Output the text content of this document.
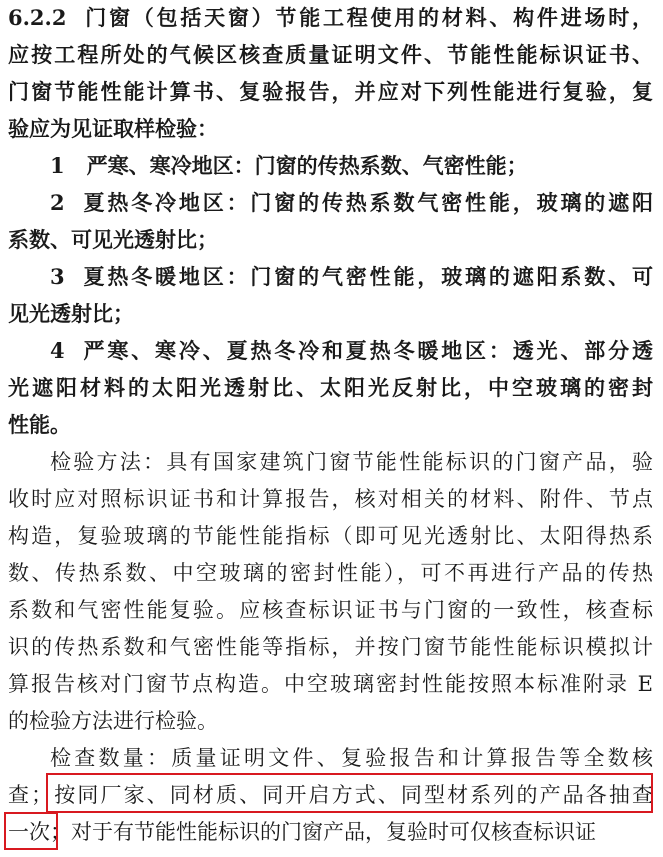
6.2.2 门窗（包括天窗）节能工程使用的材料、构件进场时，
应按工程所处的气候区核查质量证明文件、节能性能标识证书、
门窗节能性能计算书、复验报告，并应对下列性能进行复验，复
验应为见证取样检验：
1 严寒、寒冷地区：门窗的传热系数、气密性能；
2 夏热冬冷地区：门窗的传热系数气密性能，玻璃的遮阳
系数、可见光透射比；
3 夏热冬暖地区：门窗的气密性能，玻璃的遮阳系数、可
见光透射比；
4 严寒、寒冷、夏热冬冷和夏热冬暖地区：透光、部分透
光遮阳材料的太阳光透射比、太阳光反射比，中空玻璃的密封
性能。
检验方法：具有国家建筑门窗节能性能标识的门窗产品，验
收时应对照标识证书和计算报告，核对相关的材料、附件、节点
构造，复验玻璃的节能性能指标（即可见光透射比、太阳得热系
数、传热系数、中空玻璃的密封性能），可不再进行产品的传热
系数和气密性能复验。应核查标识证书与门窗的一致性，核查标
识的传热系数和气密性能等指标，并按门窗节能性能标识模拟计
算报告核对门窗节点构造。中空玻璃密封性能按照本标准附录 E
的检验方法进行检验。
检查数量：质量证明文件、复验报告和计算报告等全数核
查；按同厂家、同材质、同开启方式、同型材系列的产品各抽查
一次；对于有节能性能标识的门窗产品，复验时可仅核查标识证
